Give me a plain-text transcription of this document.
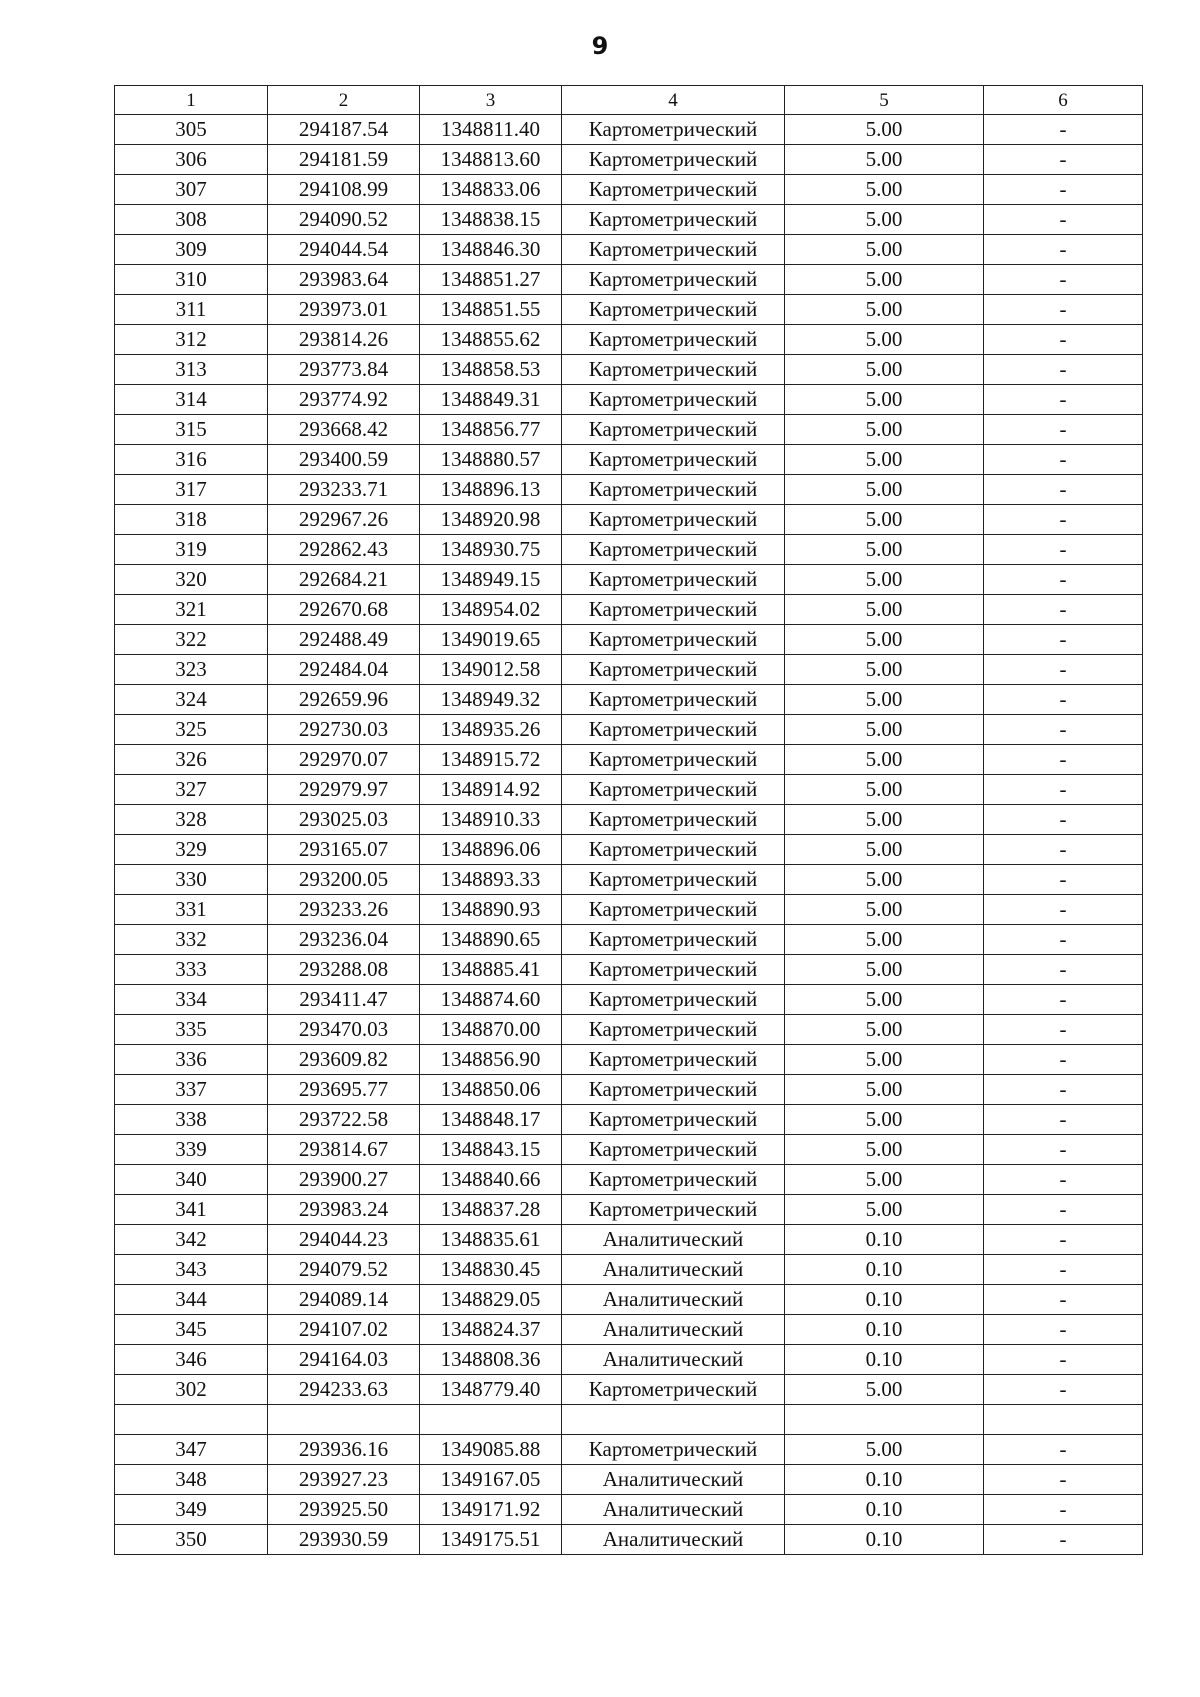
9
1	2	3	4	5	6
305	294187.54	1348811.40	Картометрический	5.00	-
306	294181.59	1348813.60	Картометрический	5.00	-
307	294108.99	1348833.06	Картометрический	5.00	-
308	294090.52	1348838.15	Картометрический	5.00	-
309	294044.54	1348846.30	Картометрический	5.00	-
310	293983.64	1348851.27	Картометрический	5.00	-
311	293973.01	1348851.55	Картометрический	5.00	-
312	293814.26	1348855.62	Картометрический	5.00	-
313	293773.84	1348858.53	Картометрический	5.00	-
314	293774.92	1348849.31	Картометрический	5.00	-
315	293668.42	1348856.77	Картометрический	5.00	-
316	293400.59	1348880.57	Картометрический	5.00	-
317	293233.71	1348896.13	Картометрический	5.00	-
318	292967.26	1348920.98	Картометрический	5.00	-
319	292862.43	1348930.75	Картометрический	5.00	-
320	292684.21	1348949.15	Картометрический	5.00	-
321	292670.68	1348954.02	Картометрический	5.00	-
322	292488.49	1349019.65	Картометрический	5.00	-
323	292484.04	1349012.58	Картометрический	5.00	-
324	292659.96	1348949.32	Картометрический	5.00	-
325	292730.03	1348935.26	Картометрический	5.00	-
326	292970.07	1348915.72	Картометрический	5.00	-
327	292979.97	1348914.92	Картометрический	5.00	-
328	293025.03	1348910.33	Картометрический	5.00	-
329	293165.07	1348896.06	Картометрический	5.00	-
330	293200.05	1348893.33	Картометрический	5.00	-
331	293233.26	1348890.93	Картометрический	5.00	-
332	293236.04	1348890.65	Картометрический	5.00	-
333	293288.08	1348885.41	Картометрический	5.00	-
334	293411.47	1348874.60	Картометрический	5.00	-
335	293470.03	1348870.00	Картометрический	5.00	-
336	293609.82	1348856.90	Картометрический	5.00	-
337	293695.77	1348850.06	Картометрический	5.00	-
338	293722.58	1348848.17	Картометрический	5.00	-
339	293814.67	1348843.15	Картометрический	5.00	-
340	293900.27	1348840.66	Картометрический	5.00	-
341	293983.24	1348837.28	Картометрический	5.00	-
342	294044.23	1348835.61	Аналитический	0.10	-
343	294079.52	1348830.45	Аналитический	0.10	-
344	294089.14	1348829.05	Аналитический	0.10	-
345	294107.02	1348824.37	Аналитический	0.10	-
346	294164.03	1348808.36	Аналитический	0.10	-
302	294233.63	1348779.40	Картометрический	5.00	-

347	293936.16	1349085.88	Картометрический	5.00	-
348	293927.23	1349167.05	Аналитический	0.10	-
349	293925.50	1349171.92	Аналитический	0.10	-
350	293930.59	1349175.51	Аналитический	0.10	-
